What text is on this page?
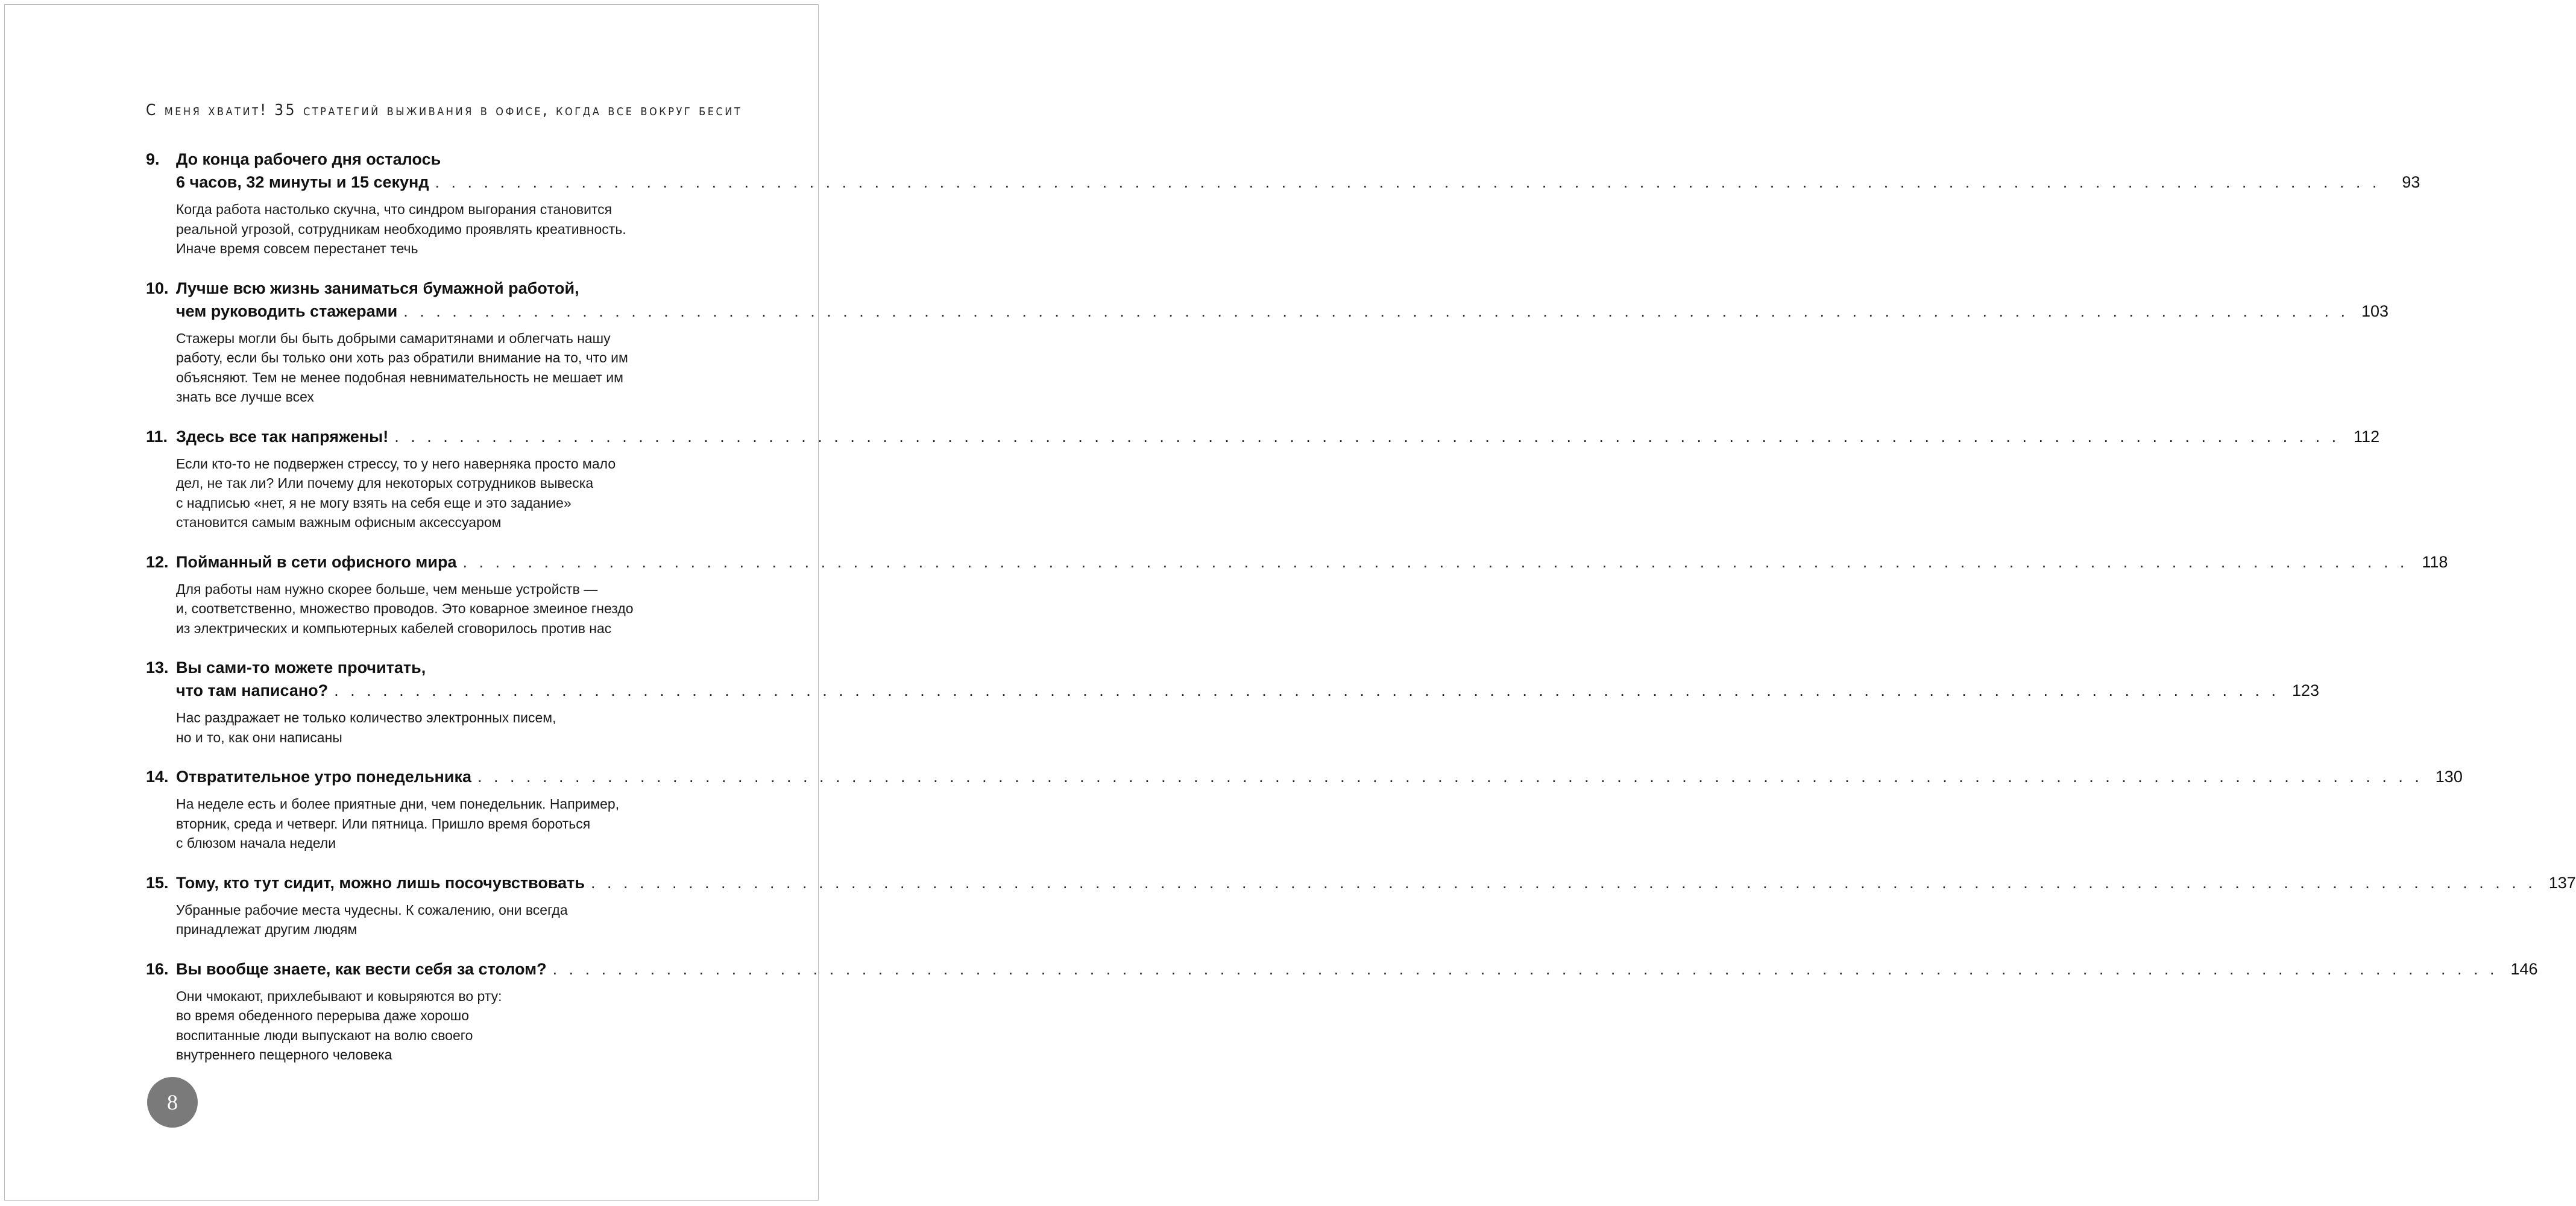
С меня хватит! 35 стратегий выживания в офисе, когда все вокруг бесит
9.	До конца рабочего дня осталось
6 часов, 32 минуты и 15 секунд . . . . . . . . . . . . . . . . . . . . . . . . . . . . . . . . . . . . . . . . . . . . . . . . . . . . . . . . . . . . . . . . . . . . . . . . . . . . . . . . . . . . . . . . . . . . . . . . . . . . . . . . . . . . . . . . . . . . . . . .	93
Когда работа настолько скучна, что синдром выгорания становится
реальной угрозой, сотрудникам необходимо проявлять креативность.
Иначе время совсем перестанет течь
10. Лучше всю жизнь заниматься бумажной работой,
чем руководить стажерами . . . . . . . . . . . . . . . . . . . . . . . . . . . . . . . . . . . . . . . . . . . . . . . . . . . . . . . . . . . . . . . . . . . . . . . . . . . . . . . . . . . . . . . . . . . . . . . . . . . . . . . . . . . . . . . . . . . . . . . . 103
Стажеры могли бы быть добрыми самаритянами и облегчать нашу
работу, если бы только они хоть раз обратили внимание на то, что им
объясняют. Тем не менее подобная невнимательность не мешает им
знать все лучше всех
11. Здесь все так напряжены! . . . . . . . . . . . . . . . . . . . . . . . . . . . . . . . . . . . . . . . . . . . . . . . . . . . . . . . . . . . . . . . . . . . . . . . . . . . . . . . . . . . . . . . . . . . . . . . . . . . . . . . . . . . . . . . . . . . . . . . . 112
Если кто-то не подвержен стрессу, то у него наверняка просто мало
дел, не так ли? Или почему для некоторых сотрудников вывеска
с надписью «нет, я не могу взять на себя еще и это задание»
становится самым важным офисным аксессуаром
12. Пойманный в сети офисного мира . . . . . . . . . . . . . . . . . . . . . . . . . . . . . . . . . . . . . . . . . . . . . . . . . . . . . . . . . . . . . . . . . . . . . . . . . . . . . . . . . . . . . . . . . . . . . . . . . . . . . . . . . . . . . . . . . . . . . . . . 118
Для работы нам нужно скорее больше, чем меньше устройств —
и, соответственно, множество проводов. Это коварное змеиное гнездо
из электрических и компьютерных кабелей сговорилось против нас
13. Вы сами-то можете прочитать,
что там написано? . . . . . . . . . . . . . . . . . . . . . . . . . . . . . . . . . . . . . . . . . . . . . . . . . . . . . . . . . . . . . . . . . . . . . . . . . . . . . . . . . . . . . . . . . . . . . . . . . . . . . . . . . . . . . . . . . . . . . . . . 123
Нас раздражает не только количество электронных писем,
но и то, как они написаны
14. Отвратительное утро понедельника . . . . . . . . . . . . . . . . . . . . . . . . . . . . . . . . . . . . . . . . . . . . . . . . . . . . . . . . . . . . . . . . . . . . . . . . . . . . . . . . . . . . . . . . . . . . . . . . . . . . . . . . . . . . . . . . . . . . . . . . 130
На неделе есть и более приятные дни, чем понедельник. Например,
вторник, среда и четверг. Или пятница. Пришло время бороться
с блюзом начала недели
15. Тому, кто тут сидит, можно лишь посочувствовать . . . . . . . . . . . . . . . . . . . . . . . . . . . . . . . . . . . . . . . . . . . . . . . . . . . . . . . . . . . . . . . . . . . . . . . . . . . . . . . . . . . . . . . . . . . . . . . . . . . . . . . . . . . . . . . . . . . . . . . . 137
Убранные рабочие места чудесны. К сожалению, они всегда
принадлежат другим людям
16. Вы вообще знаете, как вести себя за столом? . . . . . . . . . . . . . . . . . . . . . . . . . . . . . . . . . . . . . . . . . . . . . . . . . . . . . . . . . . . . . . . . . . . . . . . . . . . . . . . . . . . . . . . . . . . . . . . . . . . . . . . . . . . . . . . . . . . . . . . . 146
Они чмокают, прихлебывают и ковыряются во рту:
во время обеденного перерыва даже хорошо
воспитанные люди выпускают на волю своего
внутреннего пещерного человека
8
